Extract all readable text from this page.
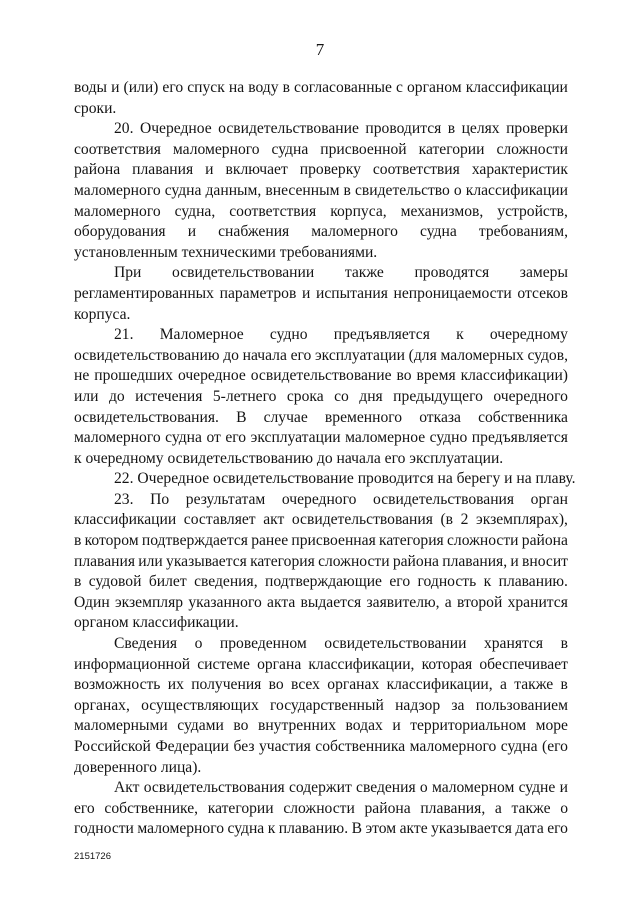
7
воды и (или) его спуск на воду в согласованные с органом классификации
сроки.
20. Очередное освидетельствование проводится в целях проверки
соответствия маломерного судна присвоенной категории сложности
района плавания и включает проверку соответствия характеристик
маломерного судна данным, внесенным в свидетельство о классификации
маломерного судна, соответствия корпуса, механизмов, устройств,
оборудования и снабжения маломерного судна требованиям,
установленным техническими требованиями.
При освидетельствовании также проводятся замеры
регламентированных параметров и испытания непроницаемости отсеков
корпуса.
21. Маломерное судно предъявляется к очередному
освидетельствованию до начала его эксплуатации (для маломерных судов,
не прошедших очередное освидетельствование во время классификации)
или до истечения 5-летнего срока со дня предыдущего очередного
освидетельствования. В случае временного отказа собственника
маломерного судна от его эксплуатации маломерное судно предъявляется
к очередному освидетельствованию до начала его эксплуатации.
22. Очередное освидетельствование проводится на берегу и на плаву.
23. По результатам очередного освидетельствования орган
классификации составляет акт освидетельствования (в 2 экземплярах),
в котором подтверждается ранее присвоенная категория сложности района
плавания или указывается категория сложности района плавания, и вносит
в судовой билет сведения, подтверждающие его годность к плаванию.
Один экземпляр указанного акта выдается заявителю, а второй хранится
органом классификации.
Сведения о проведенном освидетельствовании хранятся в
информационной системе органа классификации, которая обеспечивает
возможность их получения во всех органах классификации, а также в
органах, осуществляющих государственный надзор за пользованием
маломерными судами во внутренних водах и территориальном море
Российской Федерации без участия собственника маломерного судна (его
доверенного лица).
Акт освидетельствования содержит сведения о маломерном судне и
его собственнике, категории сложности района плавания, а также о
годности маломерного судна к плаванию. В этом акте указывается дата его
2151726
